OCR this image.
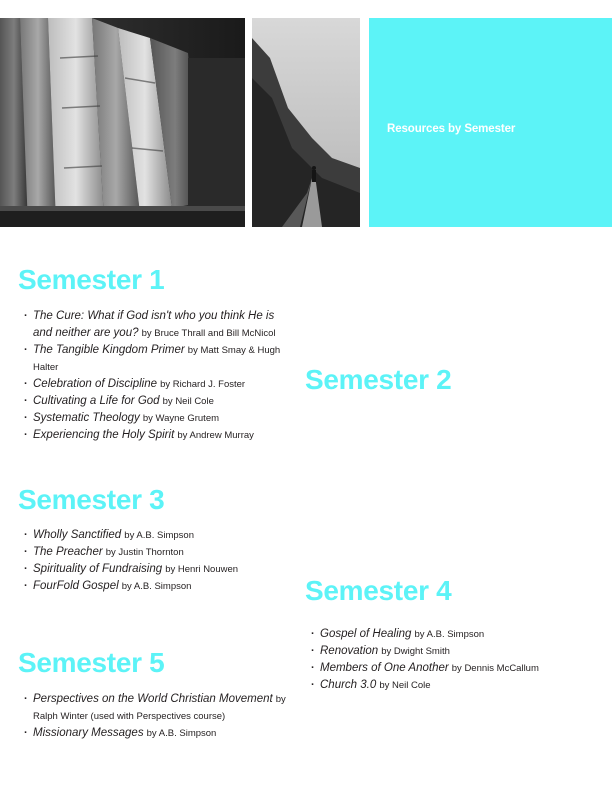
Resources by Semester
Semester 1
· The Cure: What if God isn't who you think He is and neither are you? by Bruce Thrall and Bill McNicol
· The Tangible Kingdom Primer by Matt Smay & Hugh Halter
· Celebration of Discipline by Richard J. Foster
· Cultivating a Life for God by Neil Cole
· Systematic Theology by Wayne Grutem
· Experiencing the Holy Spirit by Andrew Murray
Semester 2
Semester 3
· Wholly Sanctified by A.B. Simpson
· The Preacher by Justin Thornton
· Spirituality of Fundraising by Henri Nouwen
· FourFold Gospel by A.B. Simpson	Semester 4
· Gospel of Healing by A.B. Simpson
· Renovation by Dwight Smith
· Members of One Another by Dennis McCallum
· Church 3.0 by Neil Cole
Semester 5
· Perspectives on the World Christian Movement by Ralph Winter (used with Perspectives course)
· Missionary Messages by A.B. Simpson
